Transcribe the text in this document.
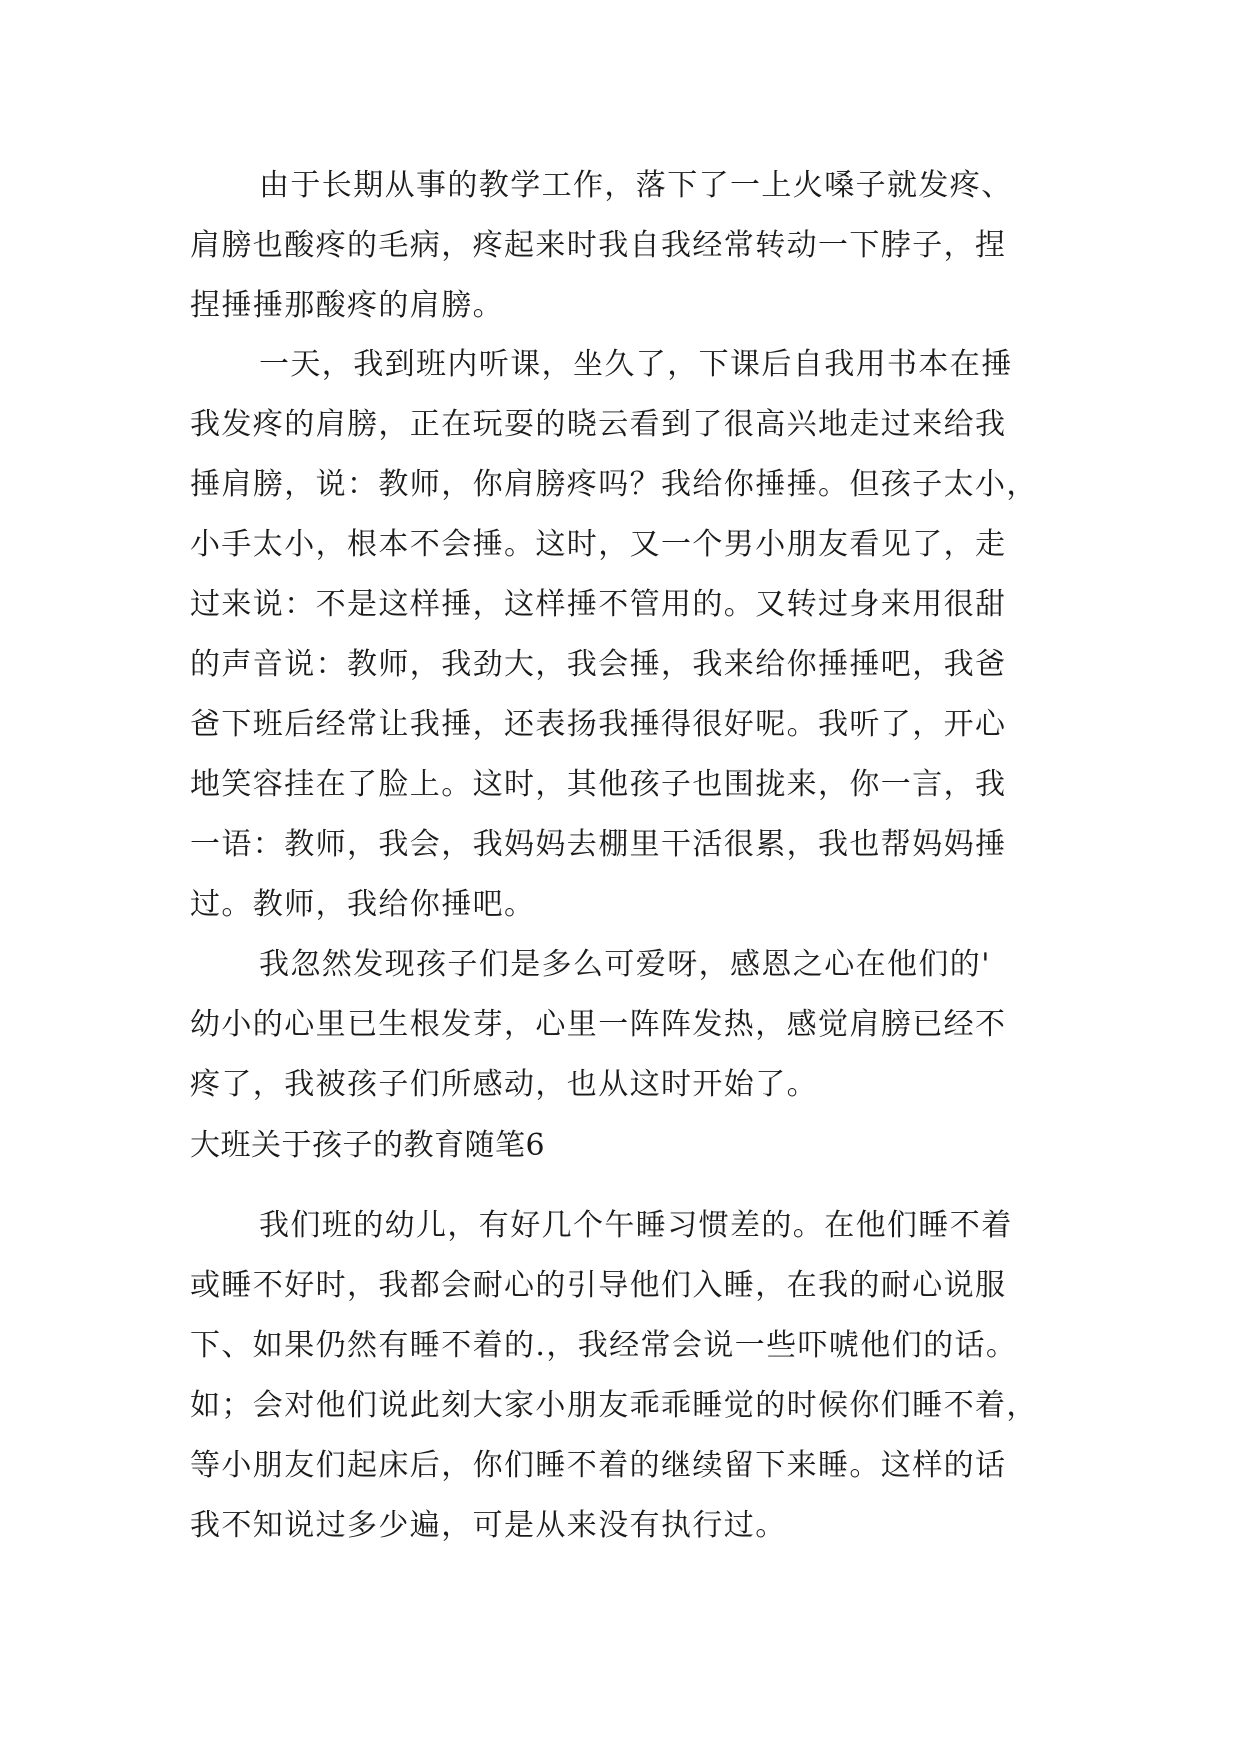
由于长期从事的教学工作，落下了一上火嗓子就发疼、
肩膀也酸疼的毛病，疼起来时我自我经常转动一下脖子，捏
捏捶捶那酸疼的肩膀。
一天，我到班内听课，坐久了，下课后自我用书本在捶
我发疼的肩膀，正在玩耍的晓云看到了很高兴地走过来给我
捶肩膀，说：教师，你肩膀疼吗？我给你捶捶。但孩子太小，
小手太小，根本不会捶。这时，又一个男小朋友看见了，走
过来说：不是这样捶，这样捶不管用的。又转过身来用很甜
的声音说：教师，我劲大，我会捶，我来给你捶捶吧，我爸
爸下班后经常让我捶，还表扬我捶得很好呢。我听了，开心
地笑容挂在了脸上。这时，其他孩子也围拢来，你一言，我
一语：教师，我会，我妈妈去棚里干活很累，我也帮妈妈捶
过。教师，我给你捶吧。
我忽然发现孩子们是多么可爱呀，感恩之心在他们的'
幼小的心里已生根发芽，心里一阵阵发热，感觉肩膀已经不
疼了，我被孩子们所感动，也从这时开始了。
大班关于孩子的教育随笔6
我们班的幼儿，有好几个午睡习惯差的。在他们睡不着
或睡不好时，我都会耐心的引导他们入睡，在我的耐心说服
下、如果仍然有睡不着的.，我经常会说一些吓唬他们的话。
如；会对他们说此刻大家小朋友乖乖睡觉的时候你们睡不着，
等小朋友们起床后，你们睡不着的继续留下来睡。这样的话
我不知说过多少遍，可是从来没有执行过。
